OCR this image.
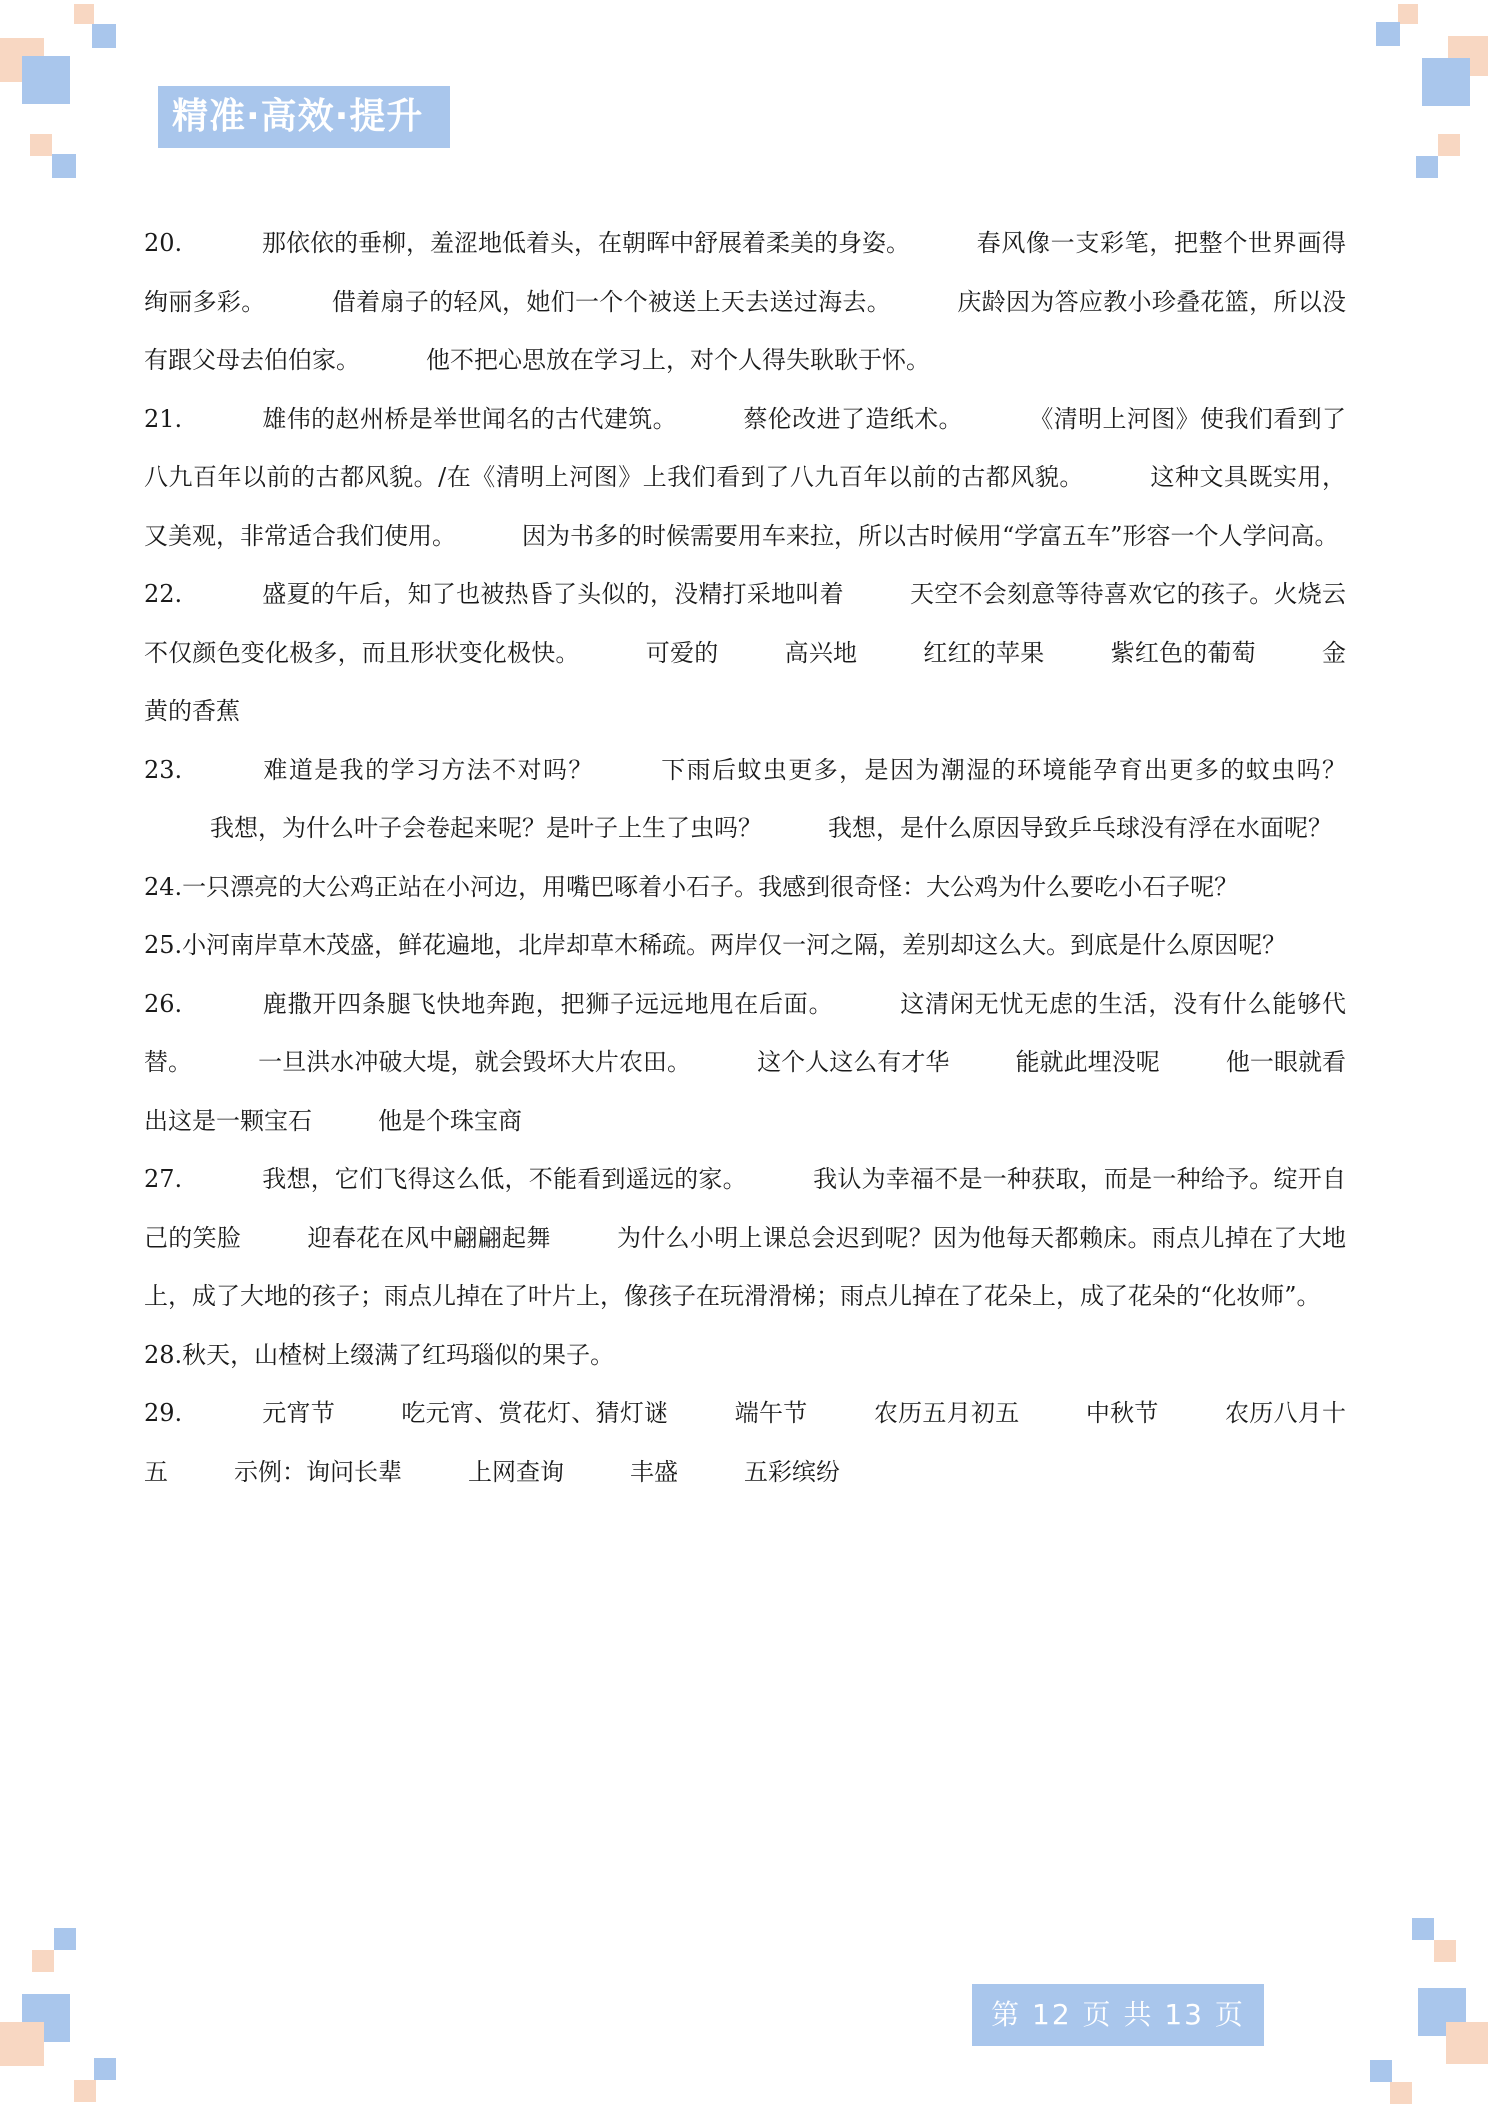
精准·高效·提升

20.	那依依的垂柳，羞涩地低着头，在朝晖中舒展着柔美的身姿。	春风像一支彩笔，把整个世界画得绚丽多彩。	借着扇子的轻风，她们一个个被送上天去送过海去。	庆龄因为答应教小珍叠花篮，所以没有跟父母去伯伯家。	他不把心思放在学习上，对个人得失耿耿于怀。

21.	雄伟的赵州桥是举世闻名的古代建筑。	蔡伦改进了造纸术。	《清明上河图》使我们看到了八九百年以前的古都风貌。/在《清明上河图》上我们看到了八九百年以前的古都风貌。	这种文具既实用，又美观，非常适合我们使用。	因为书多的时候需要用车来拉，所以古时候用“学富五车”形容一个人学问高。

22.	盛夏的午后，知了也被热昏了头似的，没精打采地叫着	天空不会刻意等待喜欢它的孩子。火烧云不仅颜色变化极多，而且形状变化极快。	可爱的	高兴地	红红的苹果	紫红色的葡萄	金黄的香蕉

23.	难道是我的学习方法不对吗？	下雨后蚊虫更多，是因为潮湿的环境能孕育出更多的蚊虫吗？我想，为什么叶子会卷起来呢？是叶子上生了虫吗？	我想，是什么原因导致乒乓球没有浮在水面呢？

24.一只漂亮的大公鸡正站在小河边，用嘴巴啄着小石子。我感到很奇怪：大公鸡为什么要吃小石子呢？

25.小河南岸草木茂盛，鲜花遍地，北岸却草木稀疏。两岸仅一河之隔，差别却这么大。到底是什么原因呢？

26.	鹿撒开四条腿飞快地奔跑，把狮子远远地甩在后面。	这清闲无忧无虑的生活，没有什么能够代替。	一旦洪水冲破大堤，就会毁坏大片农田。	这个人这么有才华	能就此埋没呢	他一眼就看出这是一颗宝石	他是个珠宝商

27.	我想，它们飞得这么低，不能看到遥远的家。	我认为幸福不是一种获取，而是一种给予。绽开自己的笑脸	迎春花在风中翩翩起舞	为什么小明上课总会迟到呢？因为他每天都赖床。雨点儿掉在了大地上，成了大地的孩子；雨点儿掉在了叶片上，像孩子在玩滑滑梯；雨点儿掉在了花朵上，成了花朵的“化妆师”。

28.秋天，山楂树上缀满了红玛瑙似的果子。

29.	元宵节	吃元宵、赏花灯、猜灯谜	端午节	农历五月初五	中秋节	农历八月十五	示例：询问长辈	上网查询	丰盛	五彩缤纷

第 12 页 共 13 页
